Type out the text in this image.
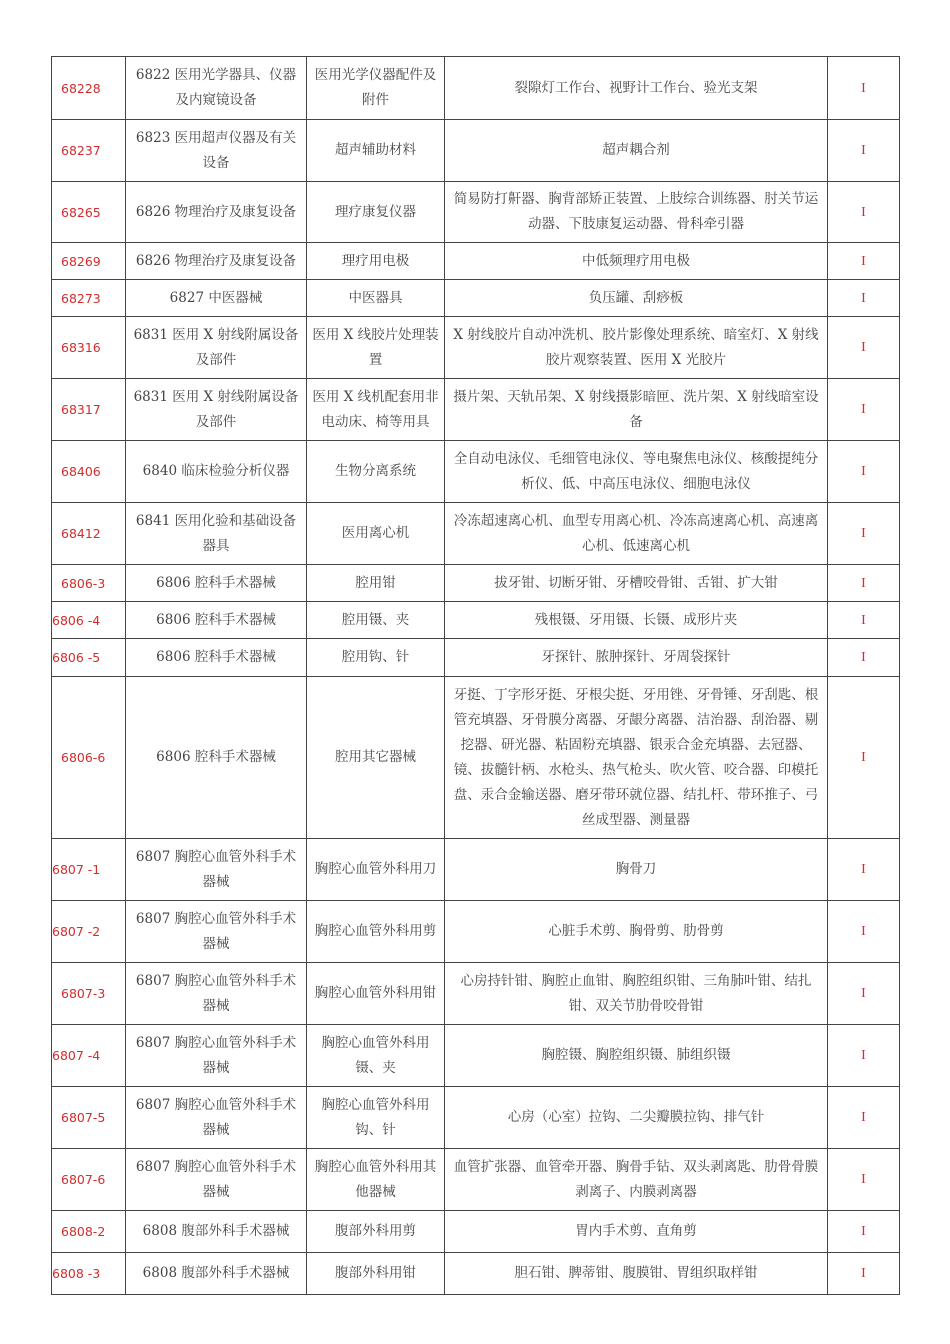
68228	6822 医用光学器具、仪器及内窥镜设备	医用光学仪器配件及附件	裂隙灯工作台、视野计工作台、验光支架	I
68237	6823 医用超声仪器及有关设备	超声辅助材料	超声耦合剂	I
68265	6826 物理治疗及康复设备	理疗康复仪器	简易防打鼾器、胸背部矫正装置、上肢综合训练器、肘关节运动器、下肢康复运动器、骨科牵引器	I
68269	6826 物理治疗及康复设备	理疗用电极	中低频理疗用电极	I
68273	6827 中医器械	中医器具	负压罐、刮痧板	I
68316	6831 医用 X 射线附属设备及部件	医用 X 线胶片处理装置	X 射线胶片自动冲洗机、胶片影像处理系统、暗室灯、X 射线胶片观察装置、医用 X 光胶片	I
68317	6831 医用 X 射线附属设备及部件	医用 X 线机配套用非电动床、椅等用具	摄片架、天轨吊架、X 射线摄影暗匣、洗片架、X 射线暗室设备	I
68406	6840 临床检验分析仪器	生物分离系统	全自动电泳仪、毛细管电泳仪、等电聚焦电泳仪、核酸提纯分析仪、低、中高压电泳仪、细胞电泳仪	I
68412	6841 医用化验和基础设备器具	医用离心机	冷冻超速离心机、血型专用离心机、冷冻高速离心机、高速离心机、低速离心机	I
6806-3	6806 腔科手术器械	腔用钳	拔牙钳、切断牙钳、牙槽咬骨钳、舌钳、扩大钳	I
6806 -4	6806 腔科手术器械	腔用镊、夹	残根镊、牙用镊、长镊、成形片夹	I
6806 -5	6806 腔科手术器械	腔用钩、针	牙探针、脓肿探针、牙周袋探针	I
6806-6	6806 腔科手术器械	腔用其它器械	牙挺、丁字形牙挺、牙根尖挺、牙用锉、牙骨锤、牙刮匙、根管充填器、牙骨膜分离器、牙龈分离器、洁治器、刮治器、剔挖器、研光器、粘固粉充填器、银汞合金充填器、去冠器、镜、拔髓针柄、水枪头、热气枪头、吹火管、咬合器、印模托盘、汞合金输送器、磨牙带环就位器、结扎杆、带环推子、弓丝成型器、测量器	I
6807 -1	6807 胸腔心血管外科手术器械	胸腔心血管外科用刀	胸骨刀	I
6807 -2	6807 胸腔心血管外科手术器械	胸腔心血管外科用剪	心脏手术剪、胸骨剪、肋骨剪	I
6807-3	6807 胸腔心血管外科手术器械	胸腔心血管外科用钳	心房持针钳、胸腔止血钳、胸腔组织钳、三角肺叶钳、结扎钳、双关节肋骨咬骨钳	I
6807 -4	6807 胸腔心血管外科手术器械	胸腔心血管外科用镊、夹	胸腔镊、胸腔组织镊、肺组织镊	I
6807-5	6807 胸腔心血管外科手术器械	胸腔心血管外科用钩、针	心房（心室）拉钩、二尖瓣膜拉钩、排气针	I
6807-6	6807 胸腔心血管外科手术器械	胸腔心血管外科用其他器械	血管扩张器、血管牵开器、胸骨手钻、双头剥离匙、肋骨骨膜剥离子、内膜剥离器	I
6808-2	6808 腹部外科手术器械	腹部外科用剪	胃内手术剪、直角剪	I
6808 -3	6808 腹部外科手术器械	腹部外科用钳	胆石钳、脾蒂钳、腹膜钳、胃组织取样钳	I
